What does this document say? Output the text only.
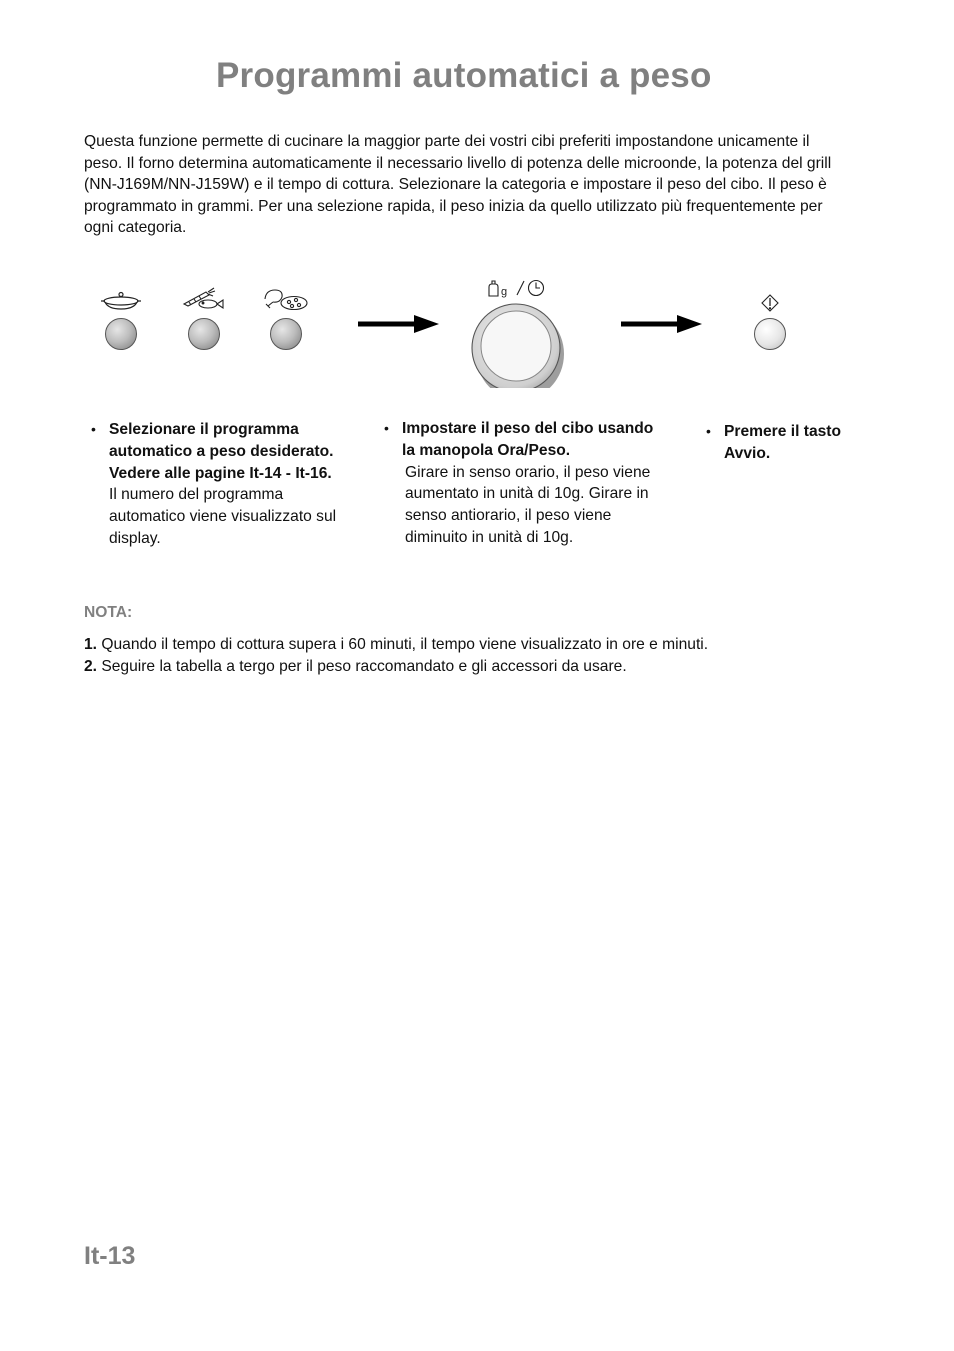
Programmi automatici a peso

Questa funzione permette di cucinare la maggior parte dei vostri cibi preferiti impostandone unicamente il peso. Il forno determina automaticamente il necessario livello di potenza delle microonde, la potenza del grill (NN-J169M/NN-J159W) e il tempo di cottura. Selezionare la categoria e impostare il peso del cibo. Il peso è programmato in grammi. Per una selezione rapida, il peso inizia da quello utilizzato più frequentemente per ogni categoria.

g
• Selezionare il programma automatico a peso desiderato. Vedere alle pagine It-14 - It-16.
Il numero del programma automatico viene visualizzato sul display.
• Impostare il peso del cibo usando la manopola Ora/Peso.
Girare in senso orario, il peso viene aumentato in unità di 10g. Girare in senso antiorario, il peso viene diminuito in unità di 10g.
• Premere il tasto Avvio.

NOTA:

1. Quando il tempo di cottura supera i 60 minuti, il tempo viene visualizzato in ore e minuti.
2. Seguire la tabella a tergo per il peso raccomandato e gli accessori da usare.

It-13
